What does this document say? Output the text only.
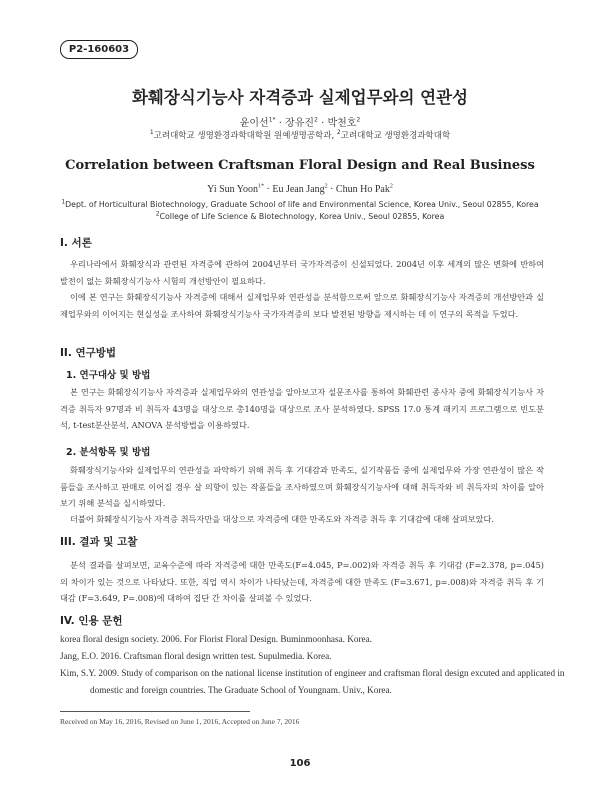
P2-160603
화훼장식기능사 자격증과 실제업무와의 연관성
윤이선$^{1*}$ · 장유진$^2$ · 박천호$^2$
$^1$고려대학교 생명환경과학대학원 원예생명공학과, $^2$고려대학교 생명환경과학대학
Correlation between Craftsman Floral Design and Real Business
Yi Sun Yoon$^{1*}$ · Eu Jean Jang$^2$ · Chun Ho Pak$^2$
$^1$Dept. of Horticultural Biotechnology, Graduate School of life and Environmental Science, Korea Univ., Seoul 02855, Korea
$^2$College of Life Science & Biotechnology, Korea Univ., Seoul 02855, Korea
I. 서론

우리나라에서 화훼장식과 관련된 자격증에 관하여 2004년부터 국가자격증이 신설되었다. 2004년 이후 세계의 많은 변화에 반하여 발전이 없는 화훼장식기능사 시험의 개선방안이 필요하다.

이에 본 연구는 화훼장식기능사 자격증에 대해서 실제업무와 연관성을 분석함으로써 앞으로 화훼장식기능사 자격증의 개선방안과 실제업무와의 이어지는 현실성을 조사하여 화훼장식기능사 국가자격증의 보다 발전된 방향을 제시하는 데 이 연구의 목적을 두었다.

II. 연구방법
1. 연구대상 및 방법

본 연구는 화훼장식기능사 자격증과 실제업무와의 연관성을 알아보고자 설문조사를 통하여 화훼관련 종사자 중에 화훼장식기능사 자격증 취득자 97명과 비 취득자 43명을 대상으로 총140명을 대상으로 조사 분석하였다. SPSS 17.0 통계 패키지 프로그램으로 빈도분석, t-test분산분석, ANOVA 분석방법을 이용하였다.

2. 분석항목 및 방법

화훼장식기능사와 실제업무의 연관성을 파악하기 위해 취득 후 기대감과 만족도, 실기작품들 중에 실제업무와 가장 연관성이 많은 작품들을 조사하고 판매로 이어질 경우 살 의향이 있는 작품들을 조사하였으며 화훼장식기능사에 대해 취득자와 비 취득자의 차이를 알아보기 위해 분석을 실시하였다.

더불어 화훼장식기능사 자격증 취득자만을 대상으로 자격증에 대한 만족도와 자격증 취득 후 기대감에 대해 살펴보았다.

III. 결과 및 고찰

분석 결과를 살펴보면, 교육수준에 따라 자격증에 대한 만족도(F=4.045, P=.002)와 자격증 취득 후 기대감 (F=2.378, p=.045)의 차이가 있는 것으로 나타났다. 또한, 직업 역시 차이가 나타났는데, 자격증에 대한 만족도 (F=3.671, p=.008)와 자격증 취득 후 기대감 (F=3.649, P=.008)에 대하여 집단 간 차이를 살펴볼 수 있었다.

IV. 인용 문헌

korea floral design society. 2006. For Florist Floral Design. Buminmoonhasa. Korea.

Jang, E.O. 2016. Craftsman floral design written test. Supulmedia. Korea.

Kim, S.Y. 2009. Study of comparison on the national license institution of engineer and craftsman floral design excuted and applicated in domestic and foreign countries. The Graduate School of Youngnam. Univ., Korea.

Received on May 16, 2016, Revised on June 1, 2016, Accepted on June 7, 2016
106
